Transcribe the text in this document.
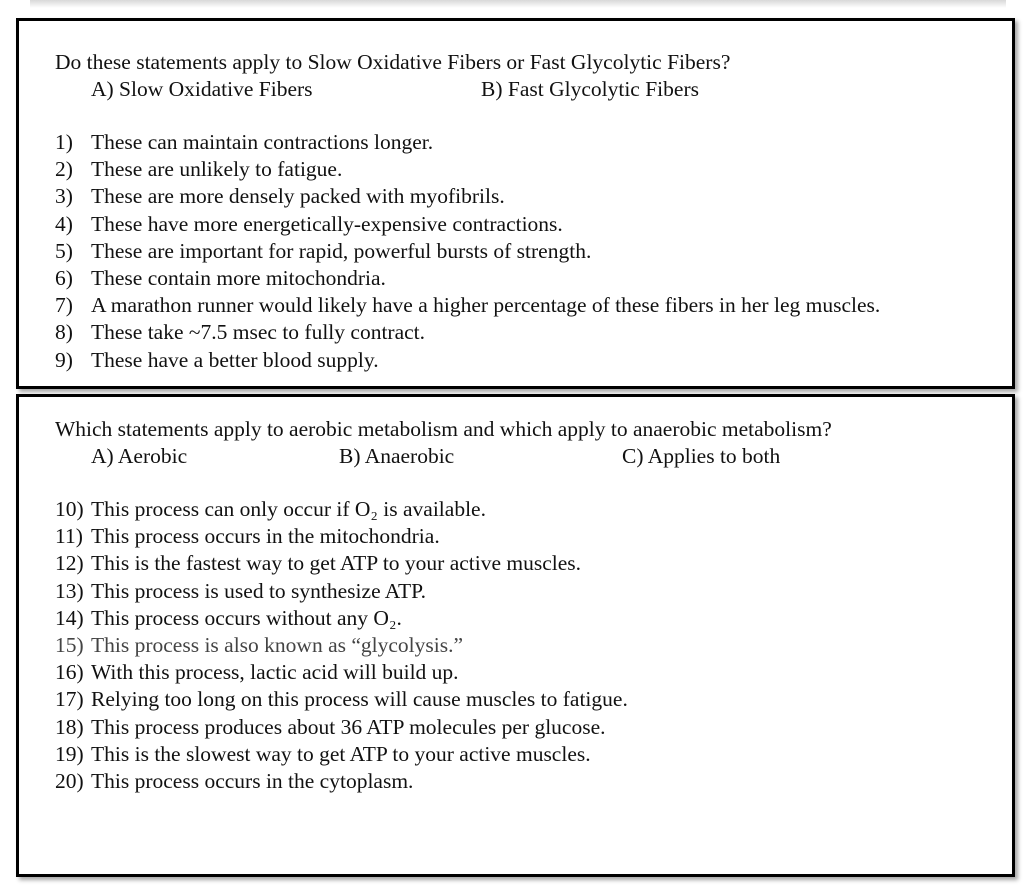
Do these statements apply to Slow Oxidative Fibers or Fast Glycolytic Fibers?
A) Slow Oxidative Fibers	B) Fast Glycolytic Fibers
1) These can maintain contractions longer.
2) These are unlikely to fatigue.
3) These are more densely packed with myofibrils.
4) These have more energetically-expensive contractions.
5) These are important for rapid, powerful bursts of strength.
6) These contain more mitochondria.
7) A marathon runner would likely have a higher percentage of these fibers in her leg muscles.
8) These take ~7.5 msec to fully contract.
9) These have a better blood supply.
Which statements apply to aerobic metabolism and which apply to anaerobic metabolism?
A) Aerobic	B) Anaerobic	C) Applies to both
10) This process can only occur if O₂ is available.
11) This process occurs in the mitochondria.
12) This is the fastest way to get ATP to your active muscles.
13) This process is used to synthesize ATP.
14) This process occurs without any O₂.
15) This process is also known as “glycolysis.”
16) With this process, lactic acid will build up.
17) Relying too long on this process will cause muscles to fatigue.
18) This process produces about 36 ATP molecules per glucose.
19) This is the slowest way to get ATP to your active muscles.
20) This process occurs in the cytoplasm.
